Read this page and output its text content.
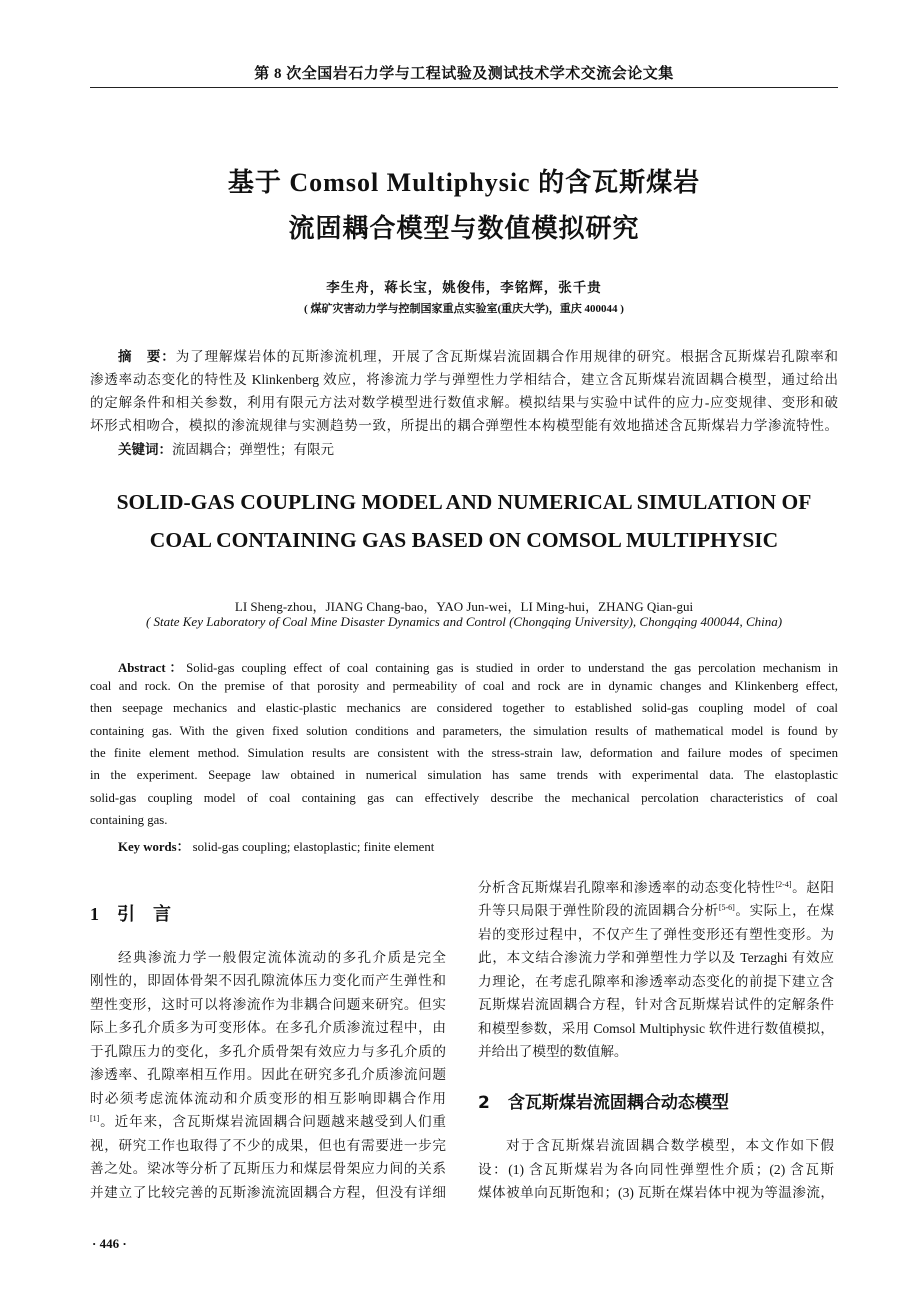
第 8 次全国岩石力学与工程试验及测试技术学术交流会论文集
基于 Comsol Multiphysic 的含瓦斯煤岩
流固耦合模型与数值模拟研究
李生舟，蒋长宝，姚俊伟，李铭辉，张千贵
( 煤矿灾害动力学与控制国家重点实验室(重庆大学)，重庆 400044 )
摘　要：为了理解煤岩体的瓦斯渗流机理，开展了含瓦斯煤岩流固耦合作用规律的研究。根据含瓦斯煤岩孔隙率和
渗透率动态变化的特性及 Klinkenberg 效应，将渗流力学与弹塑性力学相结合，建立含瓦斯煤岩流固耦合模型，通过给出
的定解条件和相关参数，利用有限元方法对数学模型进行数值求解。模拟结果与实验中试件的应力-应变规律、变形和破
坏形式相吻合，模拟的渗流规律与实测趋势一致，所提出的耦合弹塑性本构模型能有效地描述含瓦斯煤岩力学渗流特性。
关键词：流固耦合；弹塑性；有限元
SOLID-GAS COUPLING MODEL AND NUMERICAL SIMULATION OF
COAL CONTAINING GAS BASED ON COMSOL MULTIPHYSIC
LI Sheng-zhou，JIANG Chang-bao，YAO Jun-wei，LI Ming-hui，ZHANG Qian-gui
( State Key Laboratory of Coal Mine Disaster Dynamics and Control (Chongqing University), Chongqing 400044, China)
Abstract：Solid-gas coupling effect of coal containing gas is studied in order to understand the gas percolation mechanism in
coal and rock. On the premise of that porosity and permeability of coal and rock are in dynamic changes and Klinkenberg effect,
then seepage mechanics and elastic-plastic mechanics are considered together to established solid-gas coupling model of coal
containing gas. With the given fixed solution conditions and parameters, the simulation results of mathematical model is found by
the finite element method. Simulation results are consistent with the stress-strain law, deformation and failure modes of specimen
in the experiment. Seepage law obtained in numerical simulation has same trends with experimental data. The elastoplastic
solid-gas coupling model of coal containing gas can effectively describe the mechanical percolation characteristics of coal
containing gas.
Key words： solid-gas coupling; elastoplastic; finite element
1 引　言
经典渗流力学一般假定流体流动的多孔介质是完全
刚性的，即固体骨架不因孔隙流体压力变化而产生弹性和
塑性变形，这时可以将渗流作为非耦合问题来研究。但实
际上多孔介质多为可变形体。在多孔介质渗流过程中，由
于孔隙压力的变化，多孔介质骨架有效应力与多孔介质的
渗透率、孔隙率相互作用。因此在研究多孔介质渗流问题
时必须考虑流体流动和介质变形的相互影响即耦合作用
[1]。近年来，含瓦斯煤岩流固耦合问题越来越受到人们重
视，研究工作也取得了不少的成果，但也有需要进一步完
善之处。梁冰等分析了瓦斯压力和煤层骨架应力间的关系
并建立了比较完善的瓦斯渗流流固耦合方程，但没有详细
分析含瓦斯煤岩孔隙率和渗透率的动态变化特性[2-4]。赵阳
升等只局限于弹性阶段的流固耦合分析[5-6]。实际上，在煤
岩的变形过程中，不仅产生了弹性变形还有塑性变形。为
此，本文结合渗流力学和弹塑性力学以及 Terzaghi 有效应
力理论，在考虑孔隙率和渗透率动态变化的前提下建立含
瓦斯煤岩流固耦合方程，针对含瓦斯煤岩试件的定解条件
和模型参数，采用 Comsol Multiphysic 软件进行数值模拟，
并给出了模型的数值解。
2 含瓦斯煤岩流固耦合动态模型
对于含瓦斯煤岩流固耦合数学模型，本文作如下假
设：(1) 含瓦斯煤岩为各向同性弹塑性介质；(2) 含瓦斯
煤体被单向瓦斯饱和；(3) 瓦斯在煤岩体中视为等温渗流，
· 446 ·
